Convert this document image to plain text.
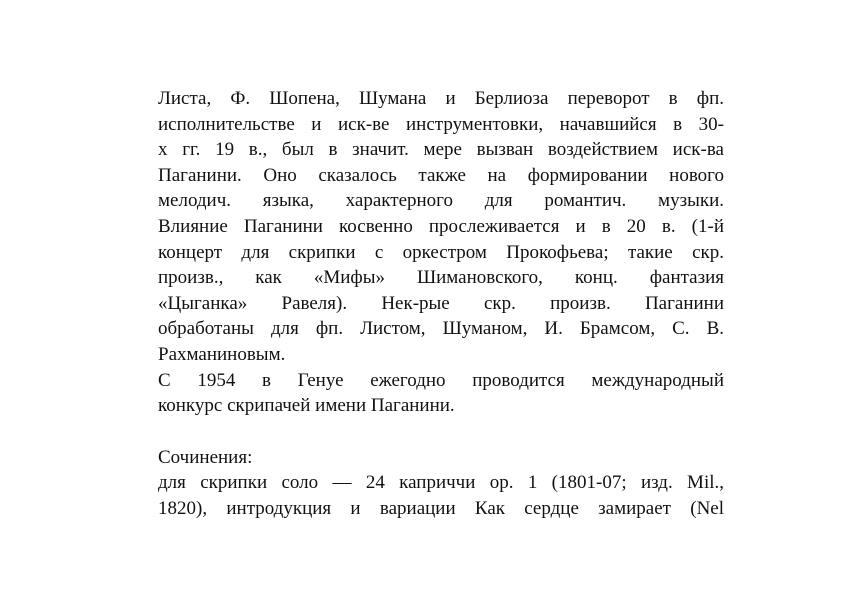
Листа, Ф. Шопена, Шумана и Берлиоза переворот в фп.
исполнительстве и иск-ве инструментовки, начавшийся в 30-
х гг. 19 в., был в значит. мере вызван воздействием иск-ва
Паганини. Оно сказалось также на формировании нового
мелодич. языка, характерного для романтич. музыки.
Влияние Паганини косвенно прослеживается и в 20 в. (1-й
концерт для скрипки с оркестром Прокофьева; такие скр.
произв., как «Мифы» Шимановского, конц. фантазия
«Цыганка» Равеля). Нек-рые скр. произв. Паганини
обработаны для фп. Листом, Шуманом, И. Брамсом, С. В.
Рахманиновым.
С 1954 в Генуе ежегодно проводится международный
конкурс скрипачей имени Паганини.
Сочинения:
для скрипки соло — 24 каприччи ор. 1 (1801-07; изд. Mil.,
1820), интродукция и вариации Как сердце замирает (Nel
